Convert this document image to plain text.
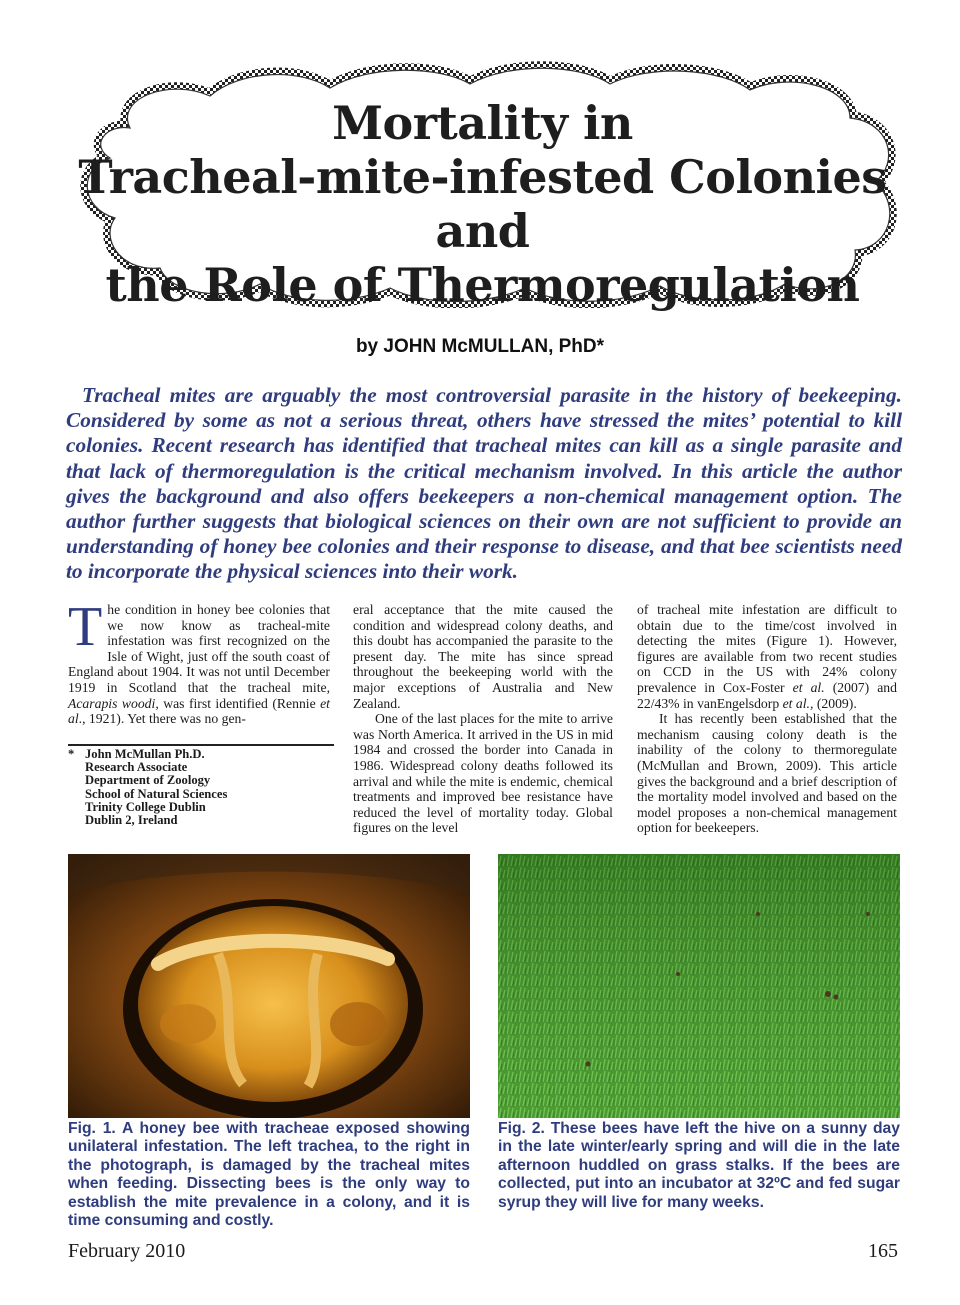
Mortality in
Tracheal-mite-infested Colonies and
the Role of Thermoregulation
by JOHN McMULLAN, PhD*

Tracheal mites are arguably the most controversial parasite in the history of beekeeping. Considered by some as not a serious threat, others have stressed the mites’ potential to kill colonies. Recent research has identified that tracheal mites can kill as a single parasite and that lack of thermoregulation is the critical mechanism involved. In this article the author gives the background and also offers beekeepers a non-chemical management option. The author further suggests that biological sciences on their own are not sufficient to provide an understanding of honey bee colonies and their response to disease, and that bee scientists need to incorporate the physical sciences into their work.

The condition in honey bee colonies that we now know as tracheal-mite infestation was first recognized on the Isle of Wight, just off the south coast of England about 1904. It was not until December 1919 in Scotland that the tracheal mite, Acarapis woodi, was first identified (Rennie et al., 1921). Yet there was no gen-

* John McMullan Ph.D.
Research Associate
Department of Zoology
School of Natural Sciences
Trinity College Dublin
Dublin 2, Ireland

eral acceptance that the mite caused the condition and widespread colony deaths, and this doubt has accompanied the parasite to the present day. The mite has since spread throughout the beekeeping world with the major exceptions of Australia and New Zealand.

One of the last places for the mite to arrive was North America. It arrived in the US in mid 1984 and crossed the border into Canada in 1986. Widespread colony deaths followed its arrival and while the mite is endemic, chemical treatments and improved bee resistance have reduced the level of mortality today. Global figures on the level

of tracheal mite infestation are difficult to obtain due to the time/cost involved in detecting the mites (Figure 1). However, figures are available from two recent studies on CCD in the US with 24% colony prevalence in Cox-Foster et al. (2007) and 22/43% in vanEngelsdorp et al., (2009).

It has recently been established that the mechanism causing colony death is the inability of the colony to thermoregulate (McMullan and Brown, 2009). This article gives the background and a brief description of the mortality model involved and based on the model proposes a non-chemical management option for beekeepers.

Fig. 1. A honey bee with tracheae exposed showing unilateral infestation. The left trachea, to the right in the photograph, is damaged by the tracheal mites when feeding. Dissecting bees is the only way to establish the mite prevalence in a colony, and it is time consuming and costly.

Fig. 2. These bees have left the hive on a sunny day in the late winter/early spring and will die in the late afternoon huddled on grass stalks. If the bees are collected, put into an incubator at 32ºC and fed sugar syrup they will live for many weeks.

February 2010	165
